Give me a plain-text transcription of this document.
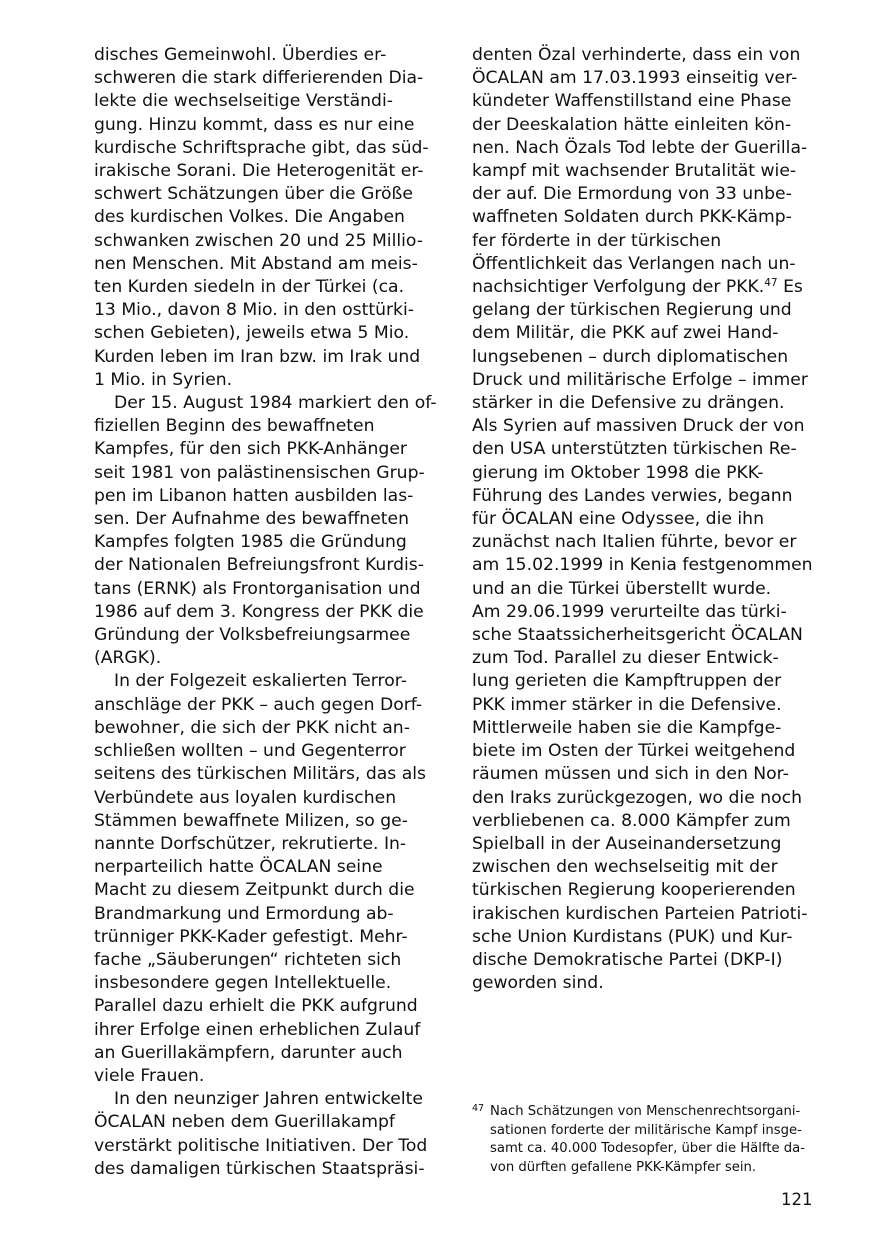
disches Gemeinwohl. Überdies er-
schweren die stark differierenden Dia-
lekte die wechselseitige Verständi-
gung. Hinzu kommt, dass es nur eine
kurdische Schriftsprache gibt, das süd-
irakische Sorani. Die Heterogenität er-
schwert Schätzungen über die Größe
des kurdischen Volkes. Die Angaben
schwanken zwischen 20 und 25 Millio-
nen Menschen. Mit Abstand am meis-
ten Kurden siedeln in der Türkei (ca.
13 Mio., davon 8 Mio. in den osttürki-
schen Gebieten), jeweils etwa 5 Mio.
Kurden leben im Iran bzw. im Irak und
1 Mio. in Syrien.
Der 15. August 1984 markiert den of-
fiziellen Beginn des bewaffneten
Kampfes, für den sich PKK-Anhänger
seit 1981 von palästinensischen Grup-
pen im Libanon hatten ausbilden las-
sen. Der Aufnahme des bewaffneten
Kampfes folgten 1985 die Gründung
der Nationalen Befreiungsfront Kurdis-
tans (ERNK) als Frontorganisation und
1986 auf dem 3. Kongress der PKK die
Gründung der Volksbefreiungsarmee
(ARGK).
In der Folgezeit eskalierten Terror-
anschläge der PKK – auch gegen Dorf-
bewohner, die sich der PKK nicht an-
schließen wollten – und Gegenterror
seitens des türkischen Militärs, das als
Verbündete aus loyalen kurdischen
Stämmen bewaffnete Milizen, so ge-
nannte Dorfschützer, rekrutierte. In-
nerparteilich hatte ÖCALAN seine
Macht zu diesem Zeitpunkt durch die
Brandmarkung und Ermordung ab-
trünniger PKK-Kader gefestigt. Mehr-
fache „Säuberungen“ richteten sich
insbesondere gegen Intellektuelle.
Parallel dazu erhielt die PKK aufgrund
ihrer Erfolge einen erheblichen Zulauf
an Guerillakämpfern, darunter auch
viele Frauen.
In den neunziger Jahren entwickelte
ÖCALAN neben dem Guerillakampf
verstärkt politische Initiativen. Der Tod
des damaligen türkischen Staatspräsi-
denten Özal verhinderte, dass ein von
ÖCALAN am 17.03.1993 einseitig ver-
kündeter Waffenstillstand eine Phase
der Deeskalation hätte einleiten kön-
nen. Nach Özals Tod lebte der Guerilla-
kampf mit wachsender Brutalität wie-
der auf. Die Ermordung von 33 unbe-
waffneten Soldaten durch PKK-Kämp-
fer förderte in der türkischen
Öffentlichkeit das Verlangen nach un-
nachsichtiger Verfolgung der PKK.$^{47}$ Es
gelang der türkischen Regierung und
dem Militär, die PKK auf zwei Hand-
lungsebenen – durch diplomatischen
Druck und militärische Erfolge – immer
stärker in die Defensive zu drängen.
Als Syrien auf massiven Druck der von
den USA unterstützten türkischen Re-
gierung im Oktober 1998 die PKK-
Führung des Landes verwies, begann
für ÖCALAN eine Odyssee, die ihn
zunächst nach Italien führte, bevor er
am 15.02.1999 in Kenia festgenommen
und an die Türkei überstellt wurde.
Am 29.06.1999 verurteilte das türki-
sche Staatssicherheitsgericht ÖCALAN
zum Tod. Parallel zu dieser Entwick-
lung gerieten die Kampftruppen der
PKK immer stärker in die Defensive.
Mittlerweile haben sie die Kampfge-
biete im Osten der Türkei weitgehend
räumen müssen und sich in den Nor-
den Iraks zurückgezogen, wo die noch
verbliebenen ca. 8.000 Kämpfer zum
Spielball in der Auseinandersetzung
zwischen den wechselseitig mit der
türkischen Regierung kooperierenden
irakischen kurdischen Parteien Patrioti-
sche Union Kurdistans (PUK) und Kur-
dische Demokratische Partei (DKP-I)
geworden sind.
47 Nach Schätzungen von Menschenrechtsorgani-
sationen forderte der militärische Kampf insge-
samt ca. 40.000 Todesopfer, über die Hälfte da-
von dürften gefallene PKK-Kämpfer sein.
121
